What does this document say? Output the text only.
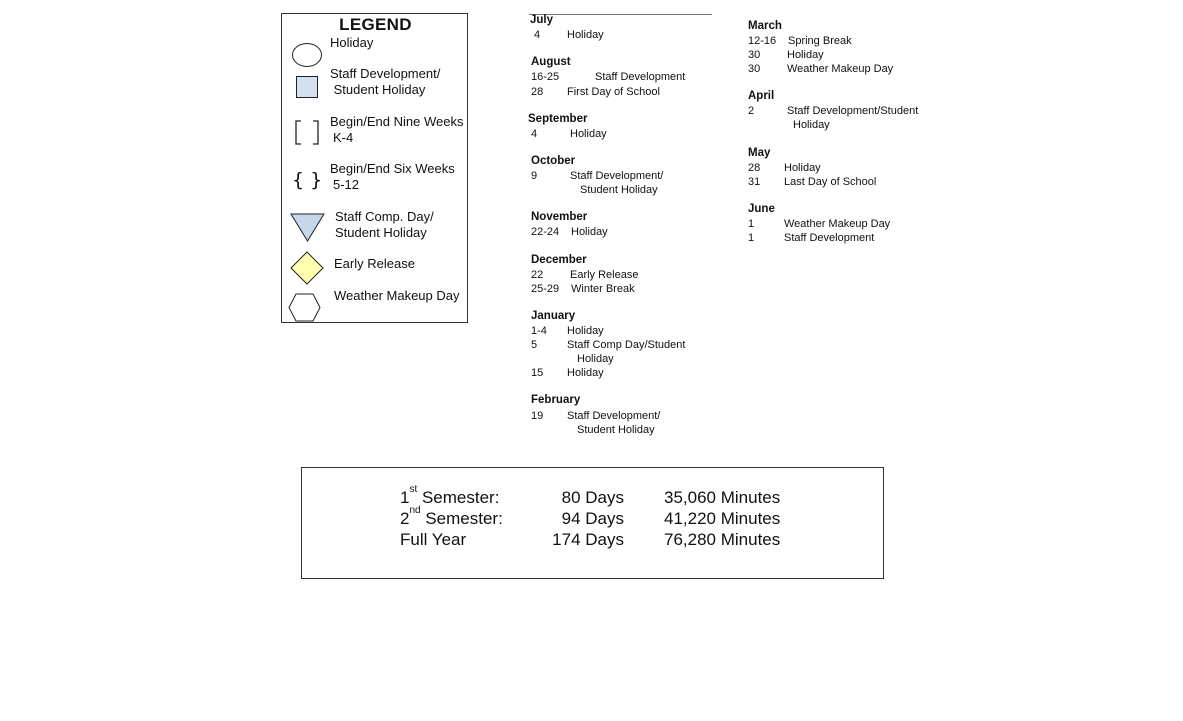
LEGEND
Holiday
Staff Development/
Student Holiday
Begin/End Nine Weeks
K-4
{ }
Begin/End Six Weeks
5-12
Staff Comp. Day/
Student Holiday
Early Release
Weather Makeup Day
July
4 Holiday
August
16-25	Staff Development
28 First Day of School
September
4	Holiday
October
9	Staff Development/
Student Holiday
November
22-24 Holiday
December
22 Early Release
25-29 Winter Break
January
1-4 Holiday
5	Staff Comp Day/Student
Holiday
15 Holiday
February
19 Staff Development/
Student Holiday
March
12-16 Spring Break
30 Holiday
30 Weather Makeup Day
April
2	Staff Development/Student
Holiday
May
28 Holiday
31 Last Day of School
June
1	Weather Makeup Day
1	Staff Development
1st Semester:	80 Days 35,060 Minutes
2nd Semester:	94 Days 41,220 Minutes
Full Year	174 Days 76,280 Minutes
